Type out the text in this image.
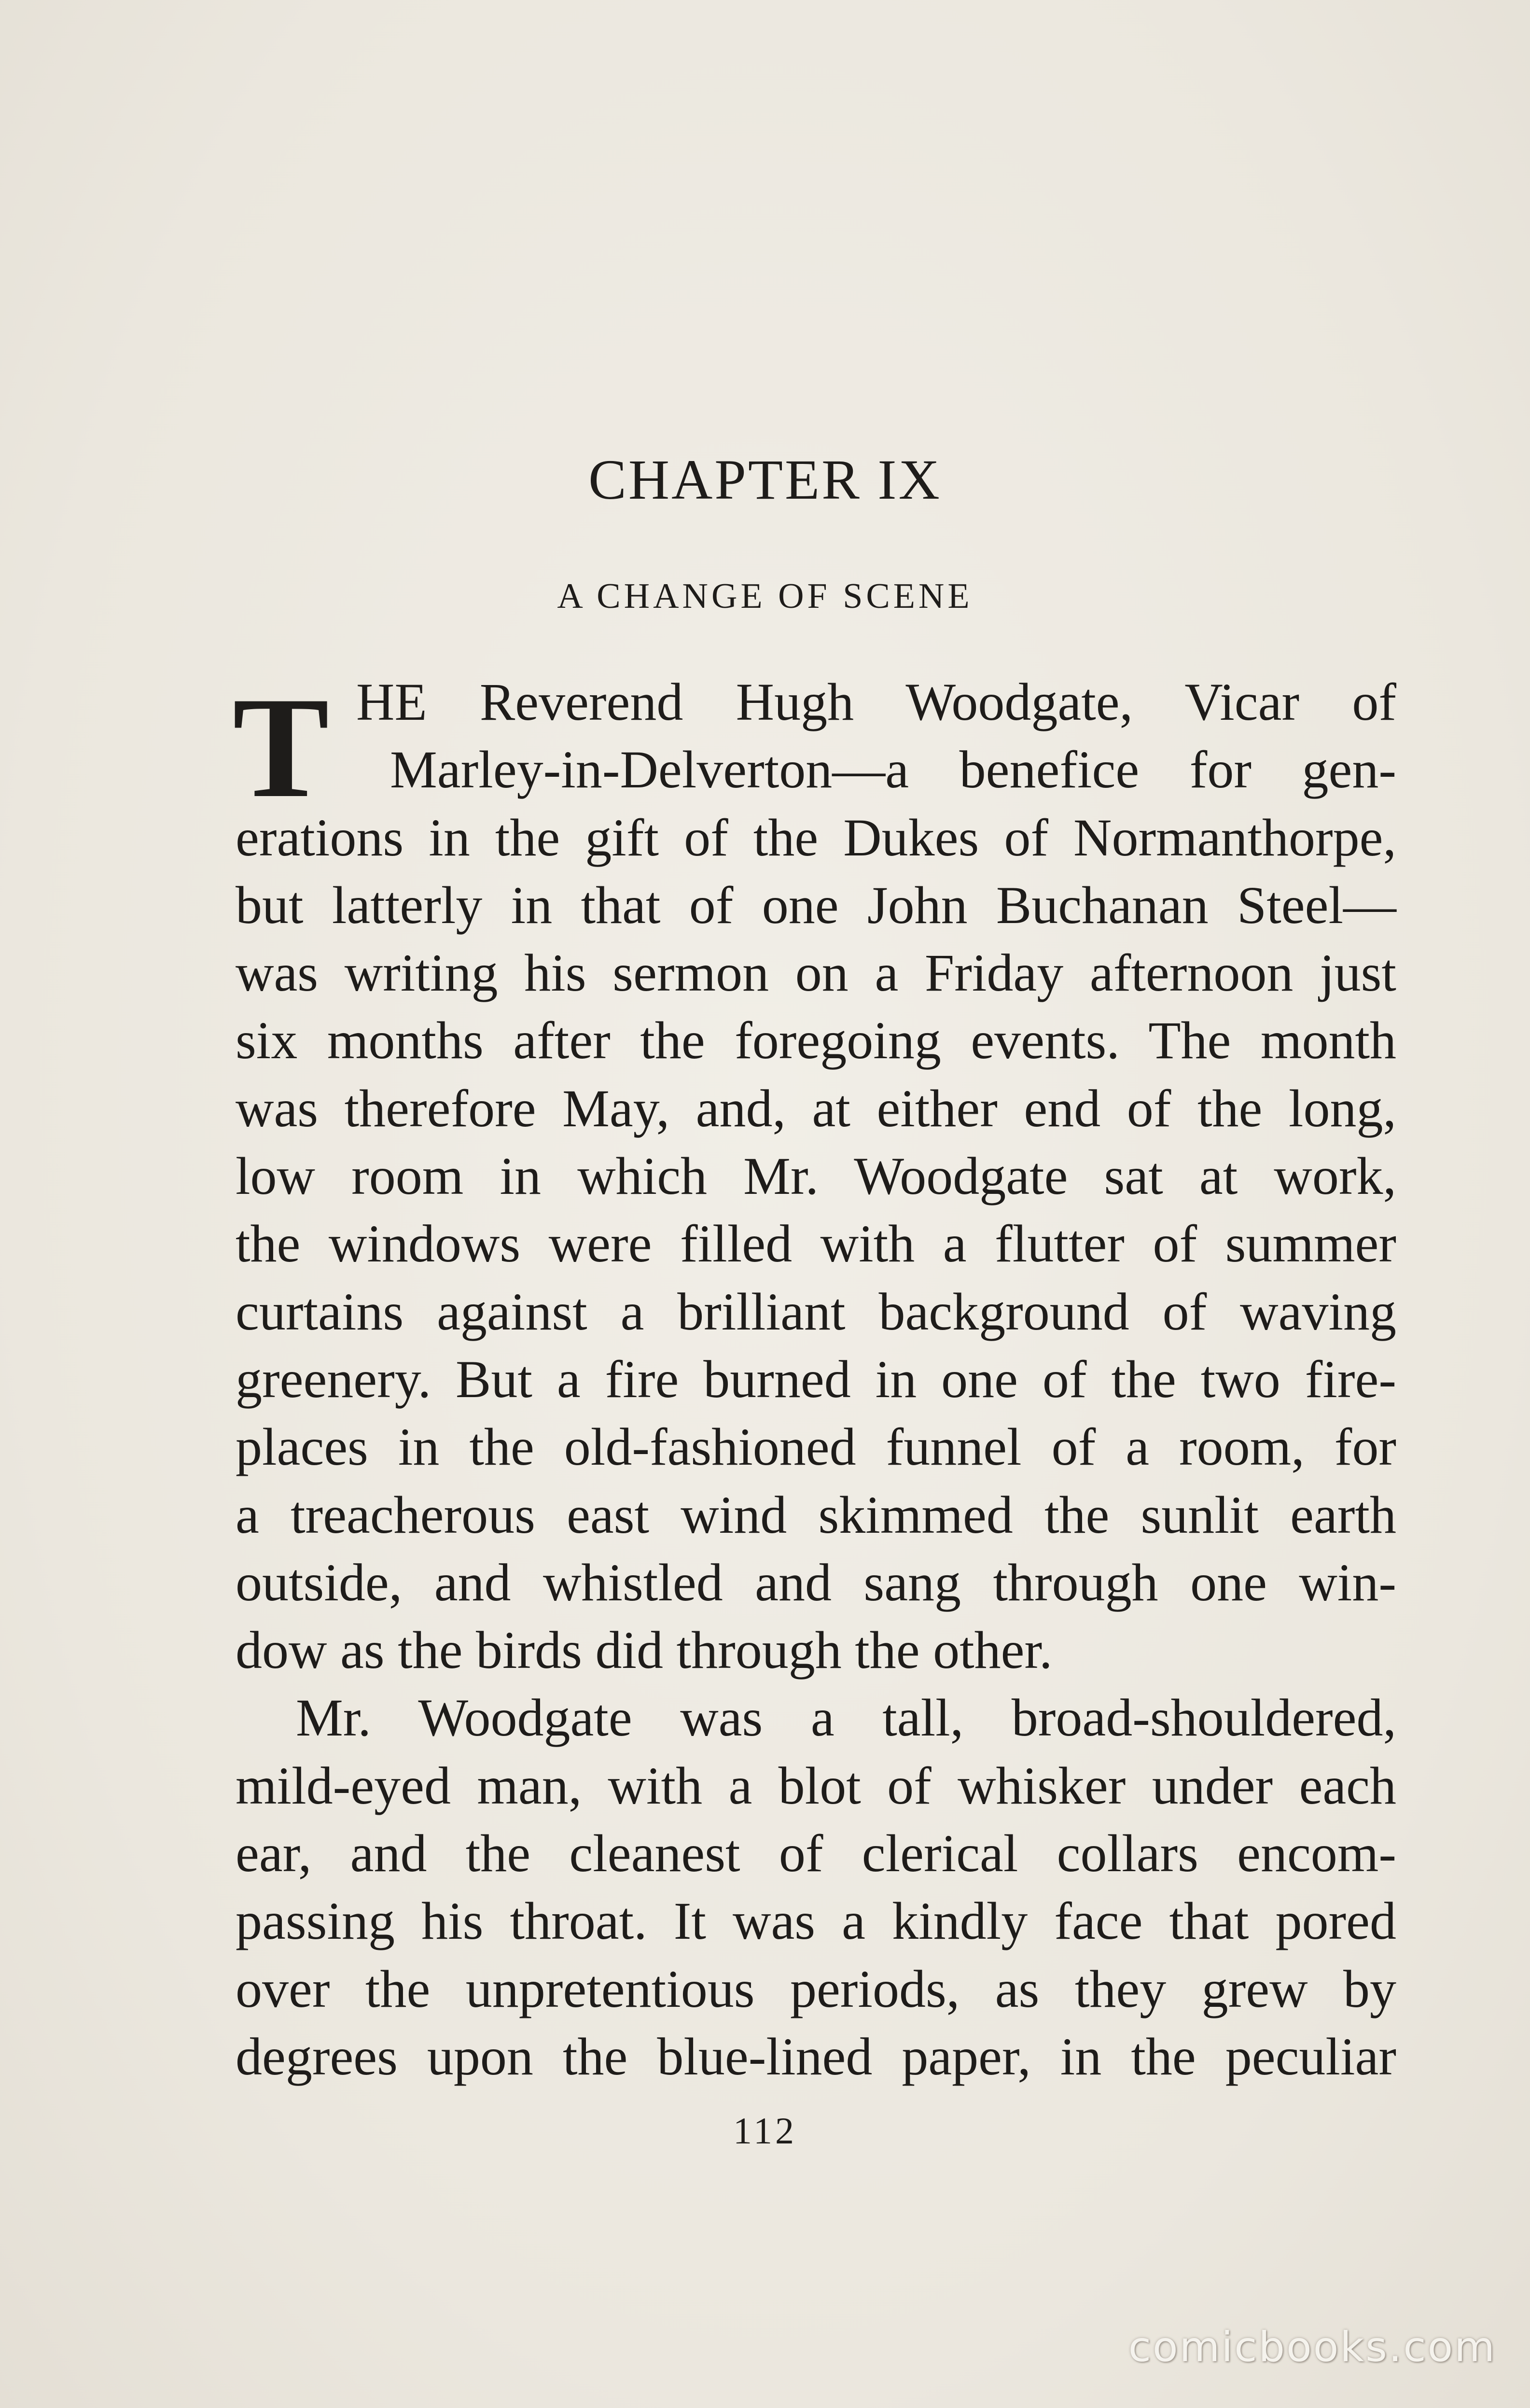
CHAPTER IX
A CHANGE OF SCENE
T HE Reverend Hugh Woodgate, Vicar of
Marley-in-Delverton—a benefice for gen-
erations in the gift of the Dukes of Normanthorpe,
but latterly in that of one John Buchanan Steel—
was writing his sermon on a Friday afternoon just
six months after the foregoing events. The month
was therefore May, and, at either end of the long,
low room in which Mr. Woodgate sat at work,
the windows were filled with a flutter of summer
curtains against a brilliant background of waving
greenery. But a fire burned in one of the two fire-
places in the old-fashioned funnel of a room, for
a treacherous east wind skimmed the sunlit earth
outside, and whistled and sang through one win-
dow as the birds did through the other.
Mr. Woodgate was a tall, broad-shouldered,
mild-eyed man, with a blot of whisker under each
ear, and the cleanest of clerical collars encom-
passing his throat. It was a kindly face that pored
over the unpretentious periods, as they grew by
degrees upon the blue-lined paper, in the peculiar
112
comicbooks.com
